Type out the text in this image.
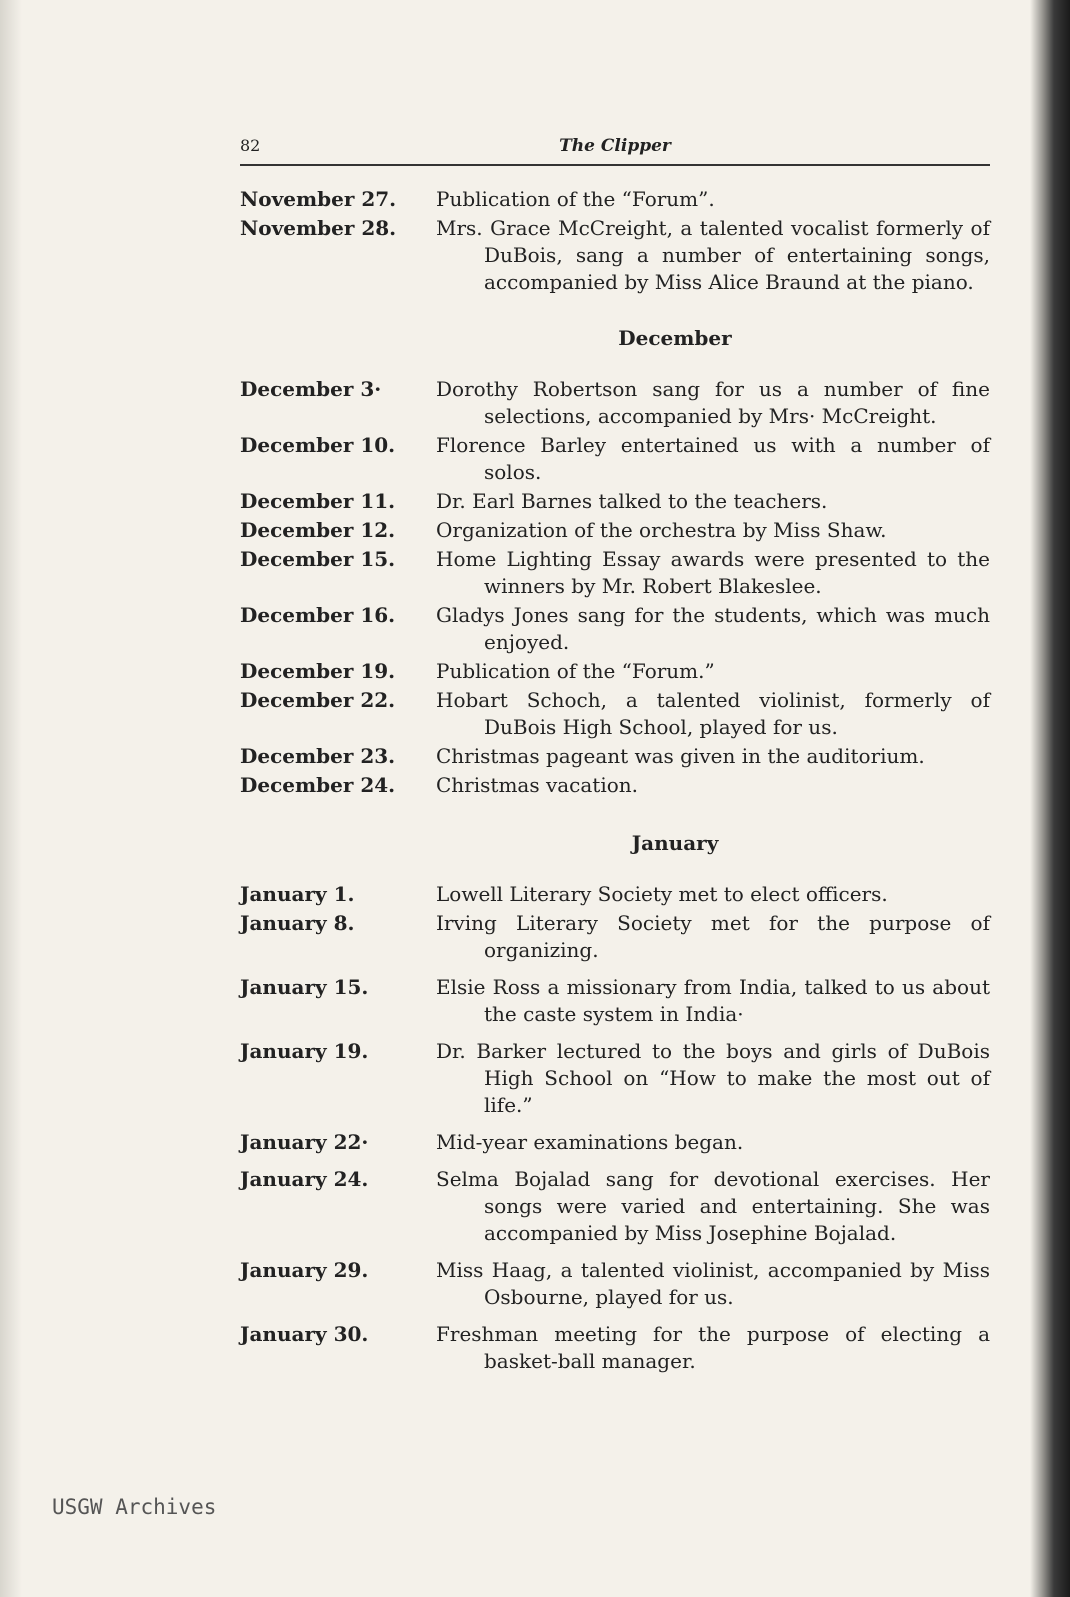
82	The Clipper
November 27.	Publication of the “Forum”.
November 28.	Mrs. Grace McCreight, a talented vocalist formerly of DuBois, sang a number of entertaining songs, accompanied by Miss Alice Braund at the piano.
December
December 3·	Dorothy Robertson sang for us a number of fine selections, accompanied by Mrs· McCreight.
December 10.	Florence Barley entertained us with a number of solos.
December 11.	Dr. Earl Barnes talked to the teachers.
December 12.	Organization of the orchestra by Miss Shaw.
December 15.	Home Lighting Essay awards were presented to the winners by Mr. Robert Blakeslee.
December 16.	Gladys Jones sang for the students, which was much enjoyed.
December 19.	Publication of the “Forum.”
December 22.	Hobart Schoch, a talented violinist, formerly of DuBois High School, played for us.
December 23.	Christmas pageant was given in the auditorium.
December 24.	Christmas vacation.
January
January 1.	Lowell Literary Society met to elect officers.
January 8.	Irving Literary Society met for the purpose of organizing.
January 15.	Elsie Ross a missionary from India, talked to us about the caste system in India·
January 19.	Dr. Barker lectured to the boys and girls of DuBois High School on “How to make the most out of life.”
January 22·	Mid-year examinations began.
January 24.	Selma Bojalad sang for devotional exercises. Her songs were varied and entertaining. She was accompanied by Miss Josephine Bojalad.
January 29.	Miss Haag, a talented violinist, accompanied by Miss Osbourne, played for us.
January 30.	Freshman meeting for the purpose of electing a basket-ball manager.
USGW Archives
